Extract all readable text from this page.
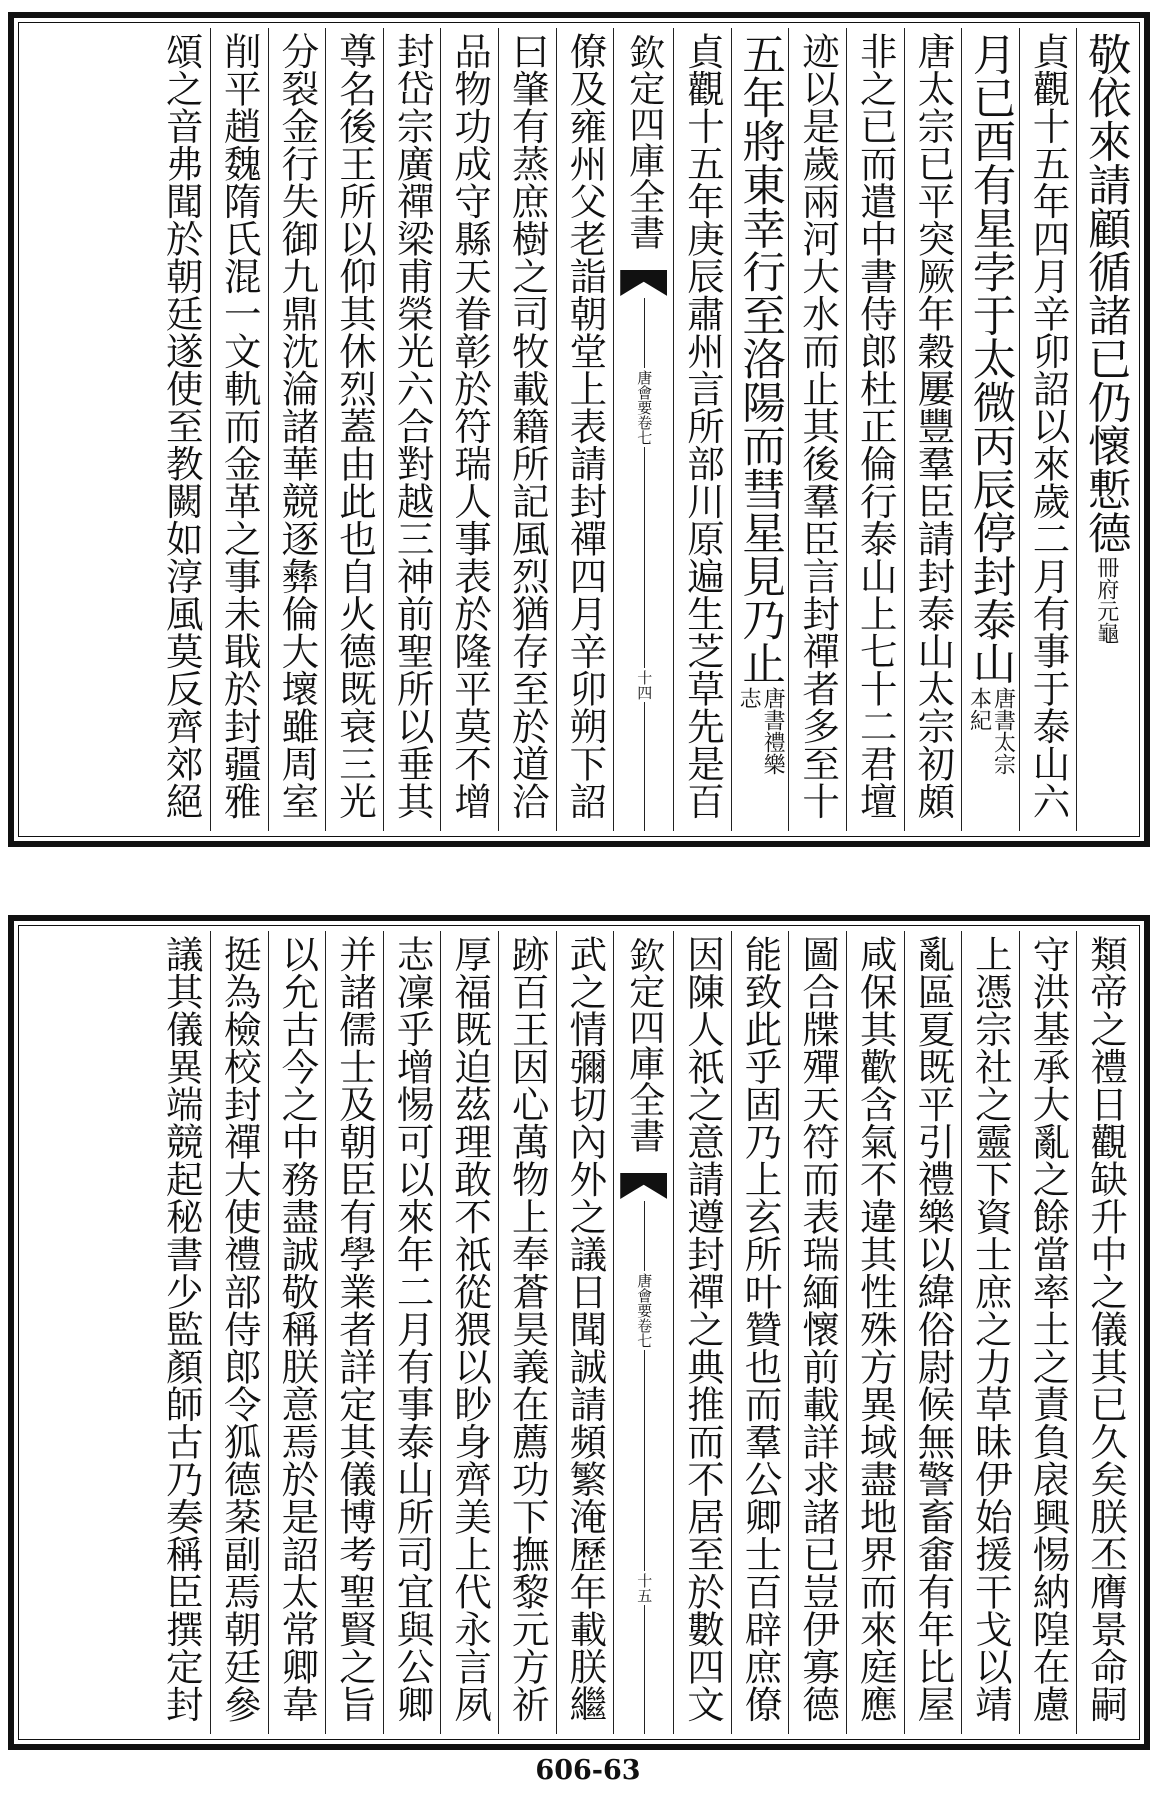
敬依來請顧循諸已仍懷慙德
冊府元龜
貞觀十五年四月辛卯詔以來歲二月有事于泰山六
月已酉有星孛于太微丙辰停封泰山
唐書太宗本紀
唐太宗已平突厥年穀屢豐羣臣請封泰山太宗初頗
非之已而遣中書侍郎杜正倫行泰山上七十二君壇
迹以是歲兩河大水而止其後羣臣言封禪者多至十
五年將東幸行至洛陽而彗星見乃止
唐書禮樂志
貞觀十五年庚辰肅州言所部川原遍生芝草先是百
欽定四庫全書
唐會要卷七
十四
僚及雍州父老詣朝堂上表請封禪四月辛卯朔下詔
曰肇有蒸庶樹之司牧載籍所記風烈猶存至於道洽
品物功成守縣天眷彰於符瑞人事表於隆平莫不增
封岱宗廣禪梁甫榮光六合對越三神前聖所以垂其
尊名後王所以仰其休烈蓋由此也自火德既衰三光
分裂金行失御九鼎沈淪諸華競逐彝倫大壞雖周室
削平趙魏隋氏混一文軌而金革之事未戢於封疆雅
頌之音弗聞於朝廷遂使至教闕如淳風莫反齊郊絕
類帝之禮日觀缺升中之儀其已久矣朕丕膺景命嗣
守洪基承大亂之餘當率土之責負扆興惕納隍在慮
上憑宗社之靈下資士庶之力草昧伊始援干戈以靖
亂區夏既平引禮樂以緯俗尉候無警畜畬有年比屋
咸保其歡含氣不違其性殊方異域盡地界而來庭應
圖合牒殫天符而表瑞緬懷前載詳求諸已豈伊寡德
能致此乎固乃上玄所叶贊也而羣公卿士百辟庶僚
因陳人祇之意請遵封禪之典推而不居至於數四文
欽定四庫全書
唐會要卷七
十五
武之情彌切內外之議日聞誠請頻繁淹歷年載朕繼
跡百王因心萬物上奉蒼昊義在薦功下撫黎元方祈
厚福既迫茲理敢不祇從猥以眇身齊美上代永言夙
志凜乎增惕可以來年二月有事泰山所司宜與公卿
并諸儒士及朝臣有學業者詳定其儀博考聖賢之旨
以允古今之中務盡誠敬稱朕意焉於是詔太常卿韋
挺為檢校封禪大使禮部侍郎令狐德棻副焉朝廷參
議其儀異端競起秘書少監顏師古乃奏稱臣撰定封
606-63
